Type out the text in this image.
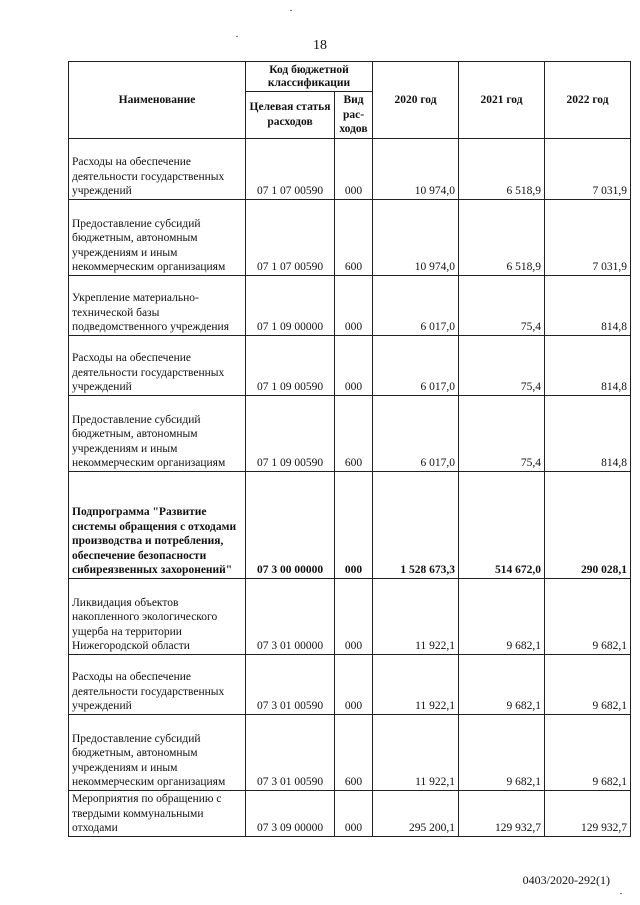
18
Наименование	Код бюджетной классификации		2020 год	2021 год	2022 год
	Целевая статья расходов	Вид рас-ходов			
Расходы на обеспечение деятельности государственных учреждений	07 1 07 00590	000	10 974,0	6 518,9	7 031,9
Предоставление субсидий бюджетным, автономным учреждениям и иным некоммерческим организациям	07 1 07 00590	600	10 974,0	6 518,9	7 031,9
Укрепление материально-технической базы подведомственного учреждения	07 1 09 00000	000	6 017,0	75,4	814,8
Расходы на обеспечение деятельности государственных учреждений	07 1 09 00590	000	6 017,0	75,4	814,8
Предоставление субсидий бюджетным, автономным учреждениям и иным некоммерческим организациям	07 1 09 00590	600	6 017,0	75,4	814,8
Подпрограмма "Развитие системы обращения с отходами производства и потребления, обеспечение безопасности сибиреязвенных захоронений"	07 3 00 00000	000	1 528 673,3	514 672,0	290 028,1
Ликвидация объектов накопленного экологического ущерба на территории Нижегородской области	07 3 01 00000	000	11 922,1	9 682,1	9 682,1
Расходы на обеспечение деятельности государственных учреждений	07 3 01 00590	000	11 922,1	9 682,1	9 682,1
Предоставление субсидий бюджетным, автономным учреждениям и иным некоммерческим организациям	07 3 01 00590	600	11 922,1	9 682,1	9 682,1
Мероприятия по обращению с твердыми коммунальными отходами	07 3 09 00000	000	295 200,1	129 932,7	129 932,7
0403/2020-292(1)
